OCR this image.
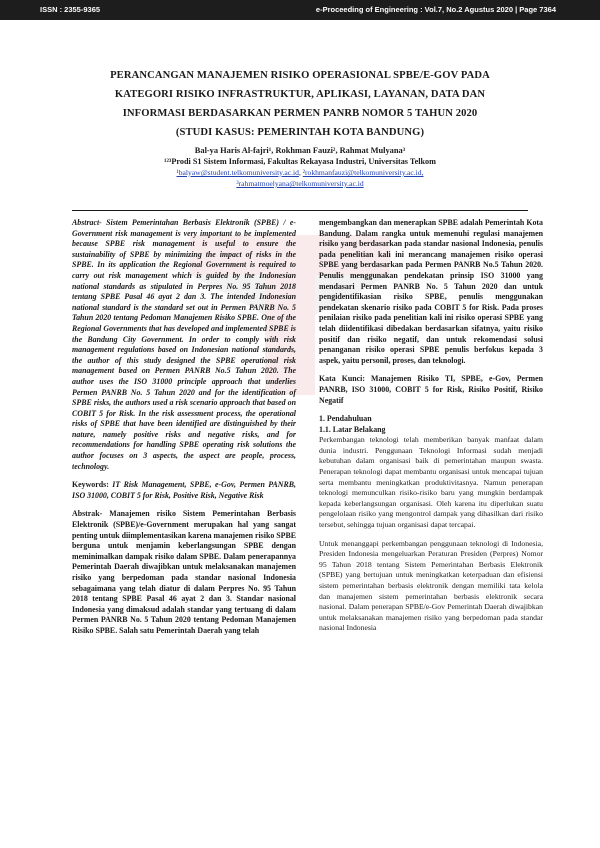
ISSN : 2355-9365	e-Proceeding of Engineering : Vol.7, No.2 Agustus 2020 | Page 7364
PERANCANGAN MANAJEMEN RISIKO OPERASIONAL SPBE/E-GOV PADA
KATEGORI RISIKO INFRASTRUKTUR, APLIKASI, LAYANAN, DATA DAN
INFORMASI BERDASARKAN PERMEN PANRB NOMOR 5 TAHUN 2020
(STUDI KASUS: PEMERINTAH KOTA BANDUNG)
Bal-ya Haris Al-fajri¹, Rokhman Fauzi², Rahmat Mulyana³
¹²³Prodi S1 Sistem Informasi, Fakultas Rekayasa Industri, Universitas Telkom
¹balyaw@student.telkomuniversity.ac.id, ²rokhmanfauzi@telkomuniversity.ac.id,
³rahmatmoelyana@telkomuniversity.ac.id

Abstract- Sistem Pemerintahan Berbasis Elektronik (SPBE) / e-Government risk management is very important to be implemented because SPBE risk management is useful to ensure the sustainability of SPBE by minimizing the impact of risks in the SPBE. In its application the Regional Government is required to carry out risk management which is guided by the Indonesian national standards as stipulated in Perpres No. 95 Tahun 2018 tentang SPBE Pasal 46 ayat 2 dan 3. The intended Indonesian national standard is the standard set out in Permen PANRB No. 5 Tahun 2020 tentang Pedoman Manajemen Risiko SPBE. One of the Regional Governments that has developed and implemented SPBE is the Bandung City Government. In order to comply with risk management regulations based on Indonesian national standards, the author of this study designed the SPBE operational risk management based on Permen PANRB No.5 Tahun 2020. The author uses the ISO 31000 principle approach that underlies Permen PANRB No. 5 Tahun 2020 and for the identification of SPBE risks, the authors used a risk scenario approach that based on COBIT 5 for Risk. In the risk assessment process, the operational risks of SPBE that have been identified are distinguished by their nature, namely positive risks and negative risks, and for recommendations for handling SPBE operating risk solutions the author focuses on 3 aspects, the aspect are people, process, technology.

Keywords: IT Risk Management, SPBE, e-Gov, Permen PANRB, ISO 31000, COBIT 5 for Risk, Positive Risk, Negative Risk

Abstrak- Manajemen risiko Sistem Pemerintahan Berbasis Elektronik (SPBE)/e-Government merupakan hal yang sangat penting untuk diimplementasikan karena manajemen risiko SPBE berguna untuk menjamin keberlangsungan SPBE dengan meminimalkan dampak risiko dalam SPBE. Dalam penerapannya Pemerintah Daerah diwajibkan untuk melaksanakan manajemen risiko yang berpedoman pada standar nasional Indonesia sebagaimana yang telah diatur di dalam Perpres No. 95 Tahun 2018 tentang SPBE Pasal 46 ayat 2 dan 3. Standar nasional Indonesia yang dimaksud adalah standar yang tertuang di dalam Permen PANRB No. 5 Tahun 2020 tentang Pedoman Manajemen Risiko SPBE. Salah satu Pemerintah Daerah yang telah

mengembangkan dan menerapkan SPBE adalah Pemerintah Kota Bandung. Dalam rangka untuk memenuhi regulasi manajemen risiko yang berdasarkan pada standar nasional Indonesia, penulis pada penelitian kali ini merancang manajemen risiko operasi SPBE yang berdasarkan pada Permen PANRB No.5 Tahun 2020. Penulis menggunakan pendekatan prinsip ISO 31000 yang mendasari Permen PANRB No. 5 Tahun 2020 dan untuk pengidentifikasian risiko SPBE, penulis menggunakan pendekatan skenario risiko pada COBIT 5 for Risk. Pada proses penilaian risiko pada penelitian kali ini risiko operasi SPBE yang telah diidentifikasi dibedakan berdasarkan sifatnya, yaitu risiko positif dan risiko negatif, dan untuk rekomendasi solusi penanganan risiko operasi SPBE penulis berfokus kepada 3 aspek, yaitu personil, proses, dan teknologi.

Kata Kunci: Manajemen Risiko TI, SPBE, e-Gov, Permen PANRB, ISO 31000, COBIT 5 for Risk, Risiko Positif, Risiko Negatif

1. Pendahuluan
1.1. Latar Belakang

Perkembangan teknologi telah memberikan banyak manfaat dalam dunia industri. Penggunaan Teknologi Informasi sudah menjadi kebutuhan dalam organisasi baik di pemerintahan maupun swasta. Penerapan teknologi dapat membantu organisasi untuk mencapai tujuan serta membantu meningkatkan produktivitasnya. Namun penerapan teknologi memunculkan risiko-risiko baru yang mungkin berdampak kepada keberlangsungan organisasi. Oleh karena itu diperlukan suatu pengelolaan risiko yang mengontrol dampak yang dihasilkan dari risiko tersebut, sehingga tujuan organisasi dapat tercapai.

Untuk menanggapi perkembangan penggunaan teknologi di Indonesia, Presiden Indonesia mengeluarkan Peraturan Presiden (Perpres) Nomor 95 Tahun 2018 tentang Sistem Pemerintahan Berbasis Elektronik (SPBE) yang bertujuan untuk meningkatkan keterpaduan dan efisiensi sistem pemerintahan berbasis elektronik dengan memiliki tata kelola dan manajemen sistem pemerintahan berbasis elektronik secara nasional. Dalam penerapan SPBE/e-Gov Pemerintah Daerah diwajibkan untuk melaksanakan manajemen risiko yang berpedoman pada standar nasional Indonesia
